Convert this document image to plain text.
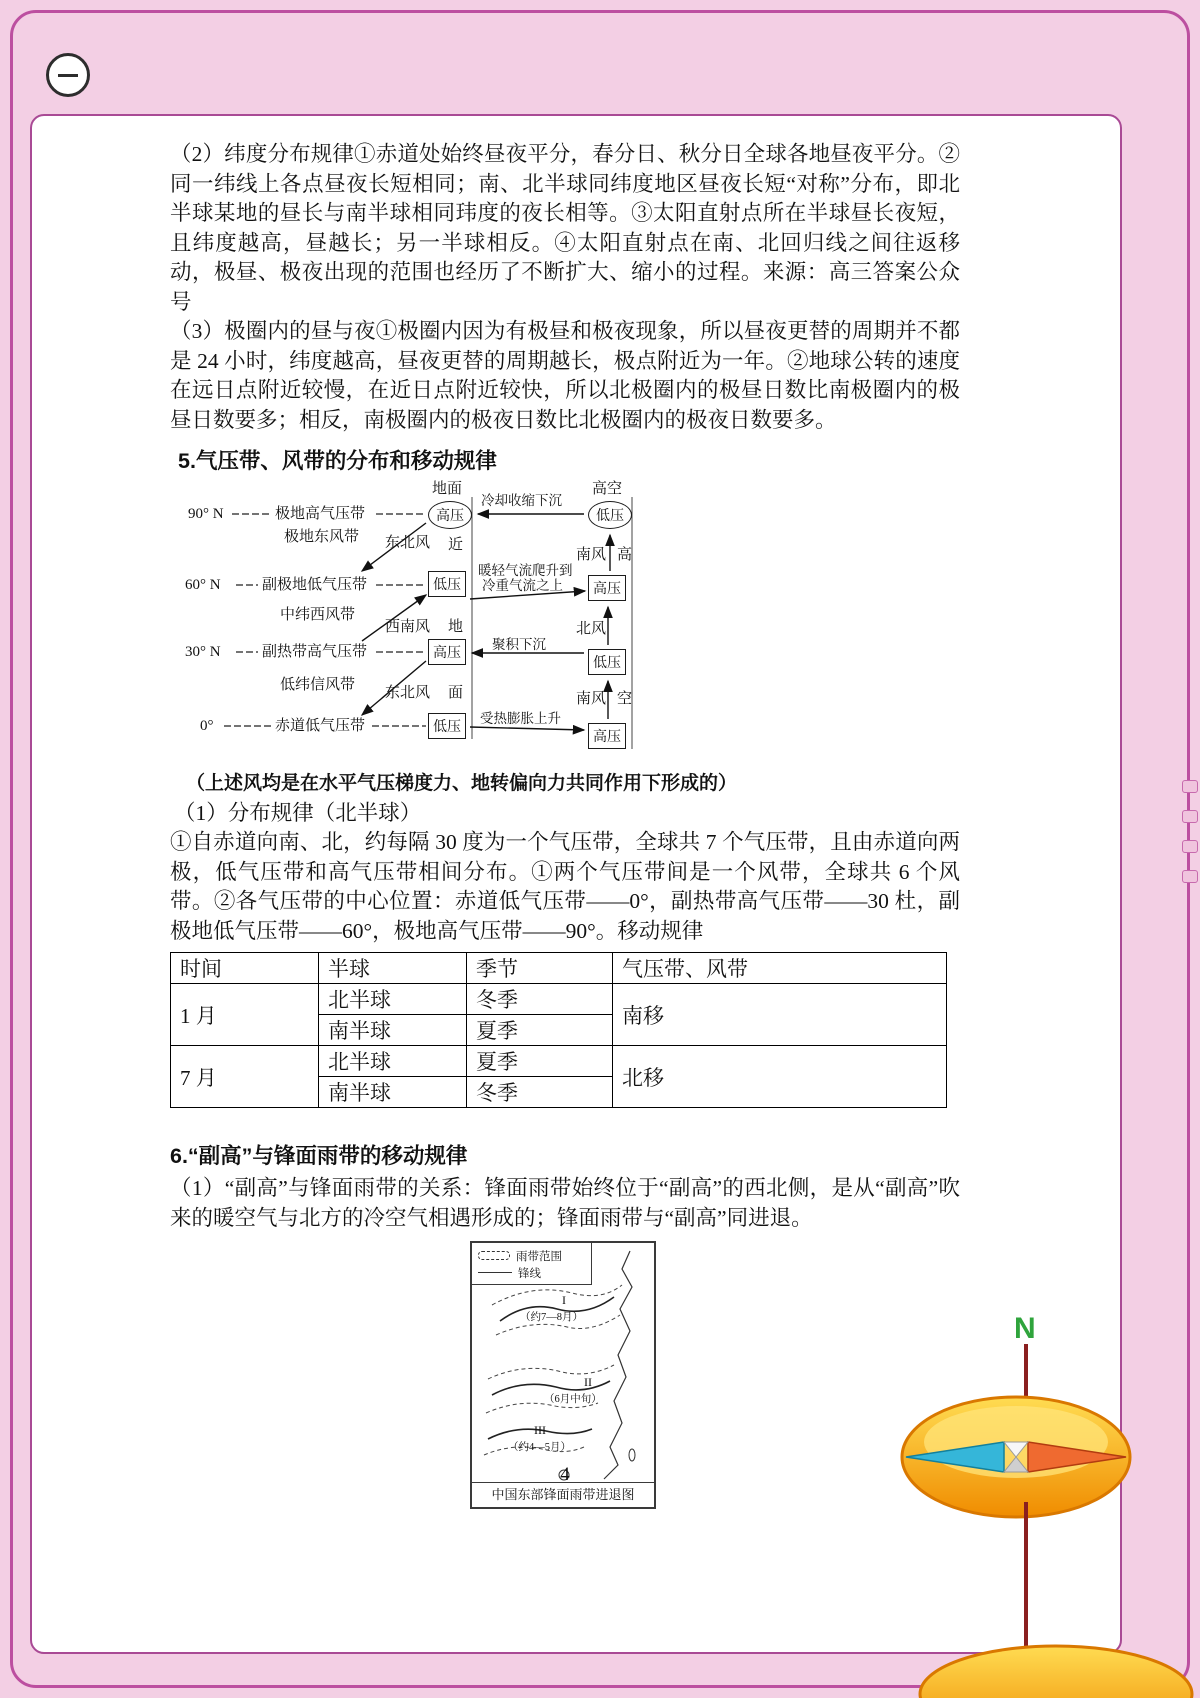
（2）纬度分布规律①赤道处始终昼夜平分，春分日、秋分日全球各地昼夜平分。②同一纬线上各点昼夜长短相同；南、北半球同纬度地区昼夜长短“对称”分布，即北半球某地的昼长与南半球相同玮度的夜长相等。③太阳直射点所在半球昼长夜短，且纬度越高，昼越长；另一半球相反。④太阳直射点在南、北回归线之间往返移动，极昼、极夜出现的范围也经历了不断扩大、缩小的过程。来源：高三答案公众号

（3）极圈内的昼与夜①极圈内因为有极昼和极夜现象，所以昼夜更替的周期并不都是 24 小时，纬度越高，昼夜更替的周期越长，极点附近为一年。②地球公转的速度在远日点附近较慢，在近日点附近较快，所以北极圈内的极昼日数比南极圈内的极昼日数要多；相反，南极圈内的极夜日数比北极圈内的极夜日数要多。

5.气压带、风带的分布和移动规律
地面	高空
90° N	极地高气压带	高压
冷却收缩下沉
低压
极地东风带 东北风 近
南风 高
60° N	副极地低气压带	低压
暖轻气流爬升到
冷重气流之上 高压
中纬西风带
西南风 地	北风
30° N	副热带高气压带	高压
聚积下沉
低压
低纬信风带 东北风 面	南风 空
0°	赤道低气压带	低压
受热膨胀上升
高压
（上述风均是在水平气压梯度力、地转偏向力共同作用下形成的）
（1）分布规律（北半球）

①自赤道向南、北，约每隔 30 度为一个气压带，全球共 7 个气压带，且由赤道向两极，低气压带和高气压带相间分布。①两个气压带间是一个风带，全球共 6 个风带。②各气压带的中心位置：赤道低气压带——0°，副热带高气压带——30 杜，副极地低气压带——60°，极地高气压带——90°。移动规律

时间	半球	季节	气压带、风带
1 月	北半球	冬季	南移
	南半球	夏季	
7 月	北半球	夏季	北移
	南半球	冬季	
6.“副高”与锋面雨带的移动规律

（1）“副高”与锋面雨带的关系：锋面雨带始终位于“副高”的西北侧，是从“副高”吹来的暖空气与北方的冷空气相遇形成的；锋面雨带与“副高”同进退。

雨带范围
锋线
I
（约7—8月）
II
（6月中旬）
III
（约4—5月）
中国东部锋面雨带进退图
4
N
